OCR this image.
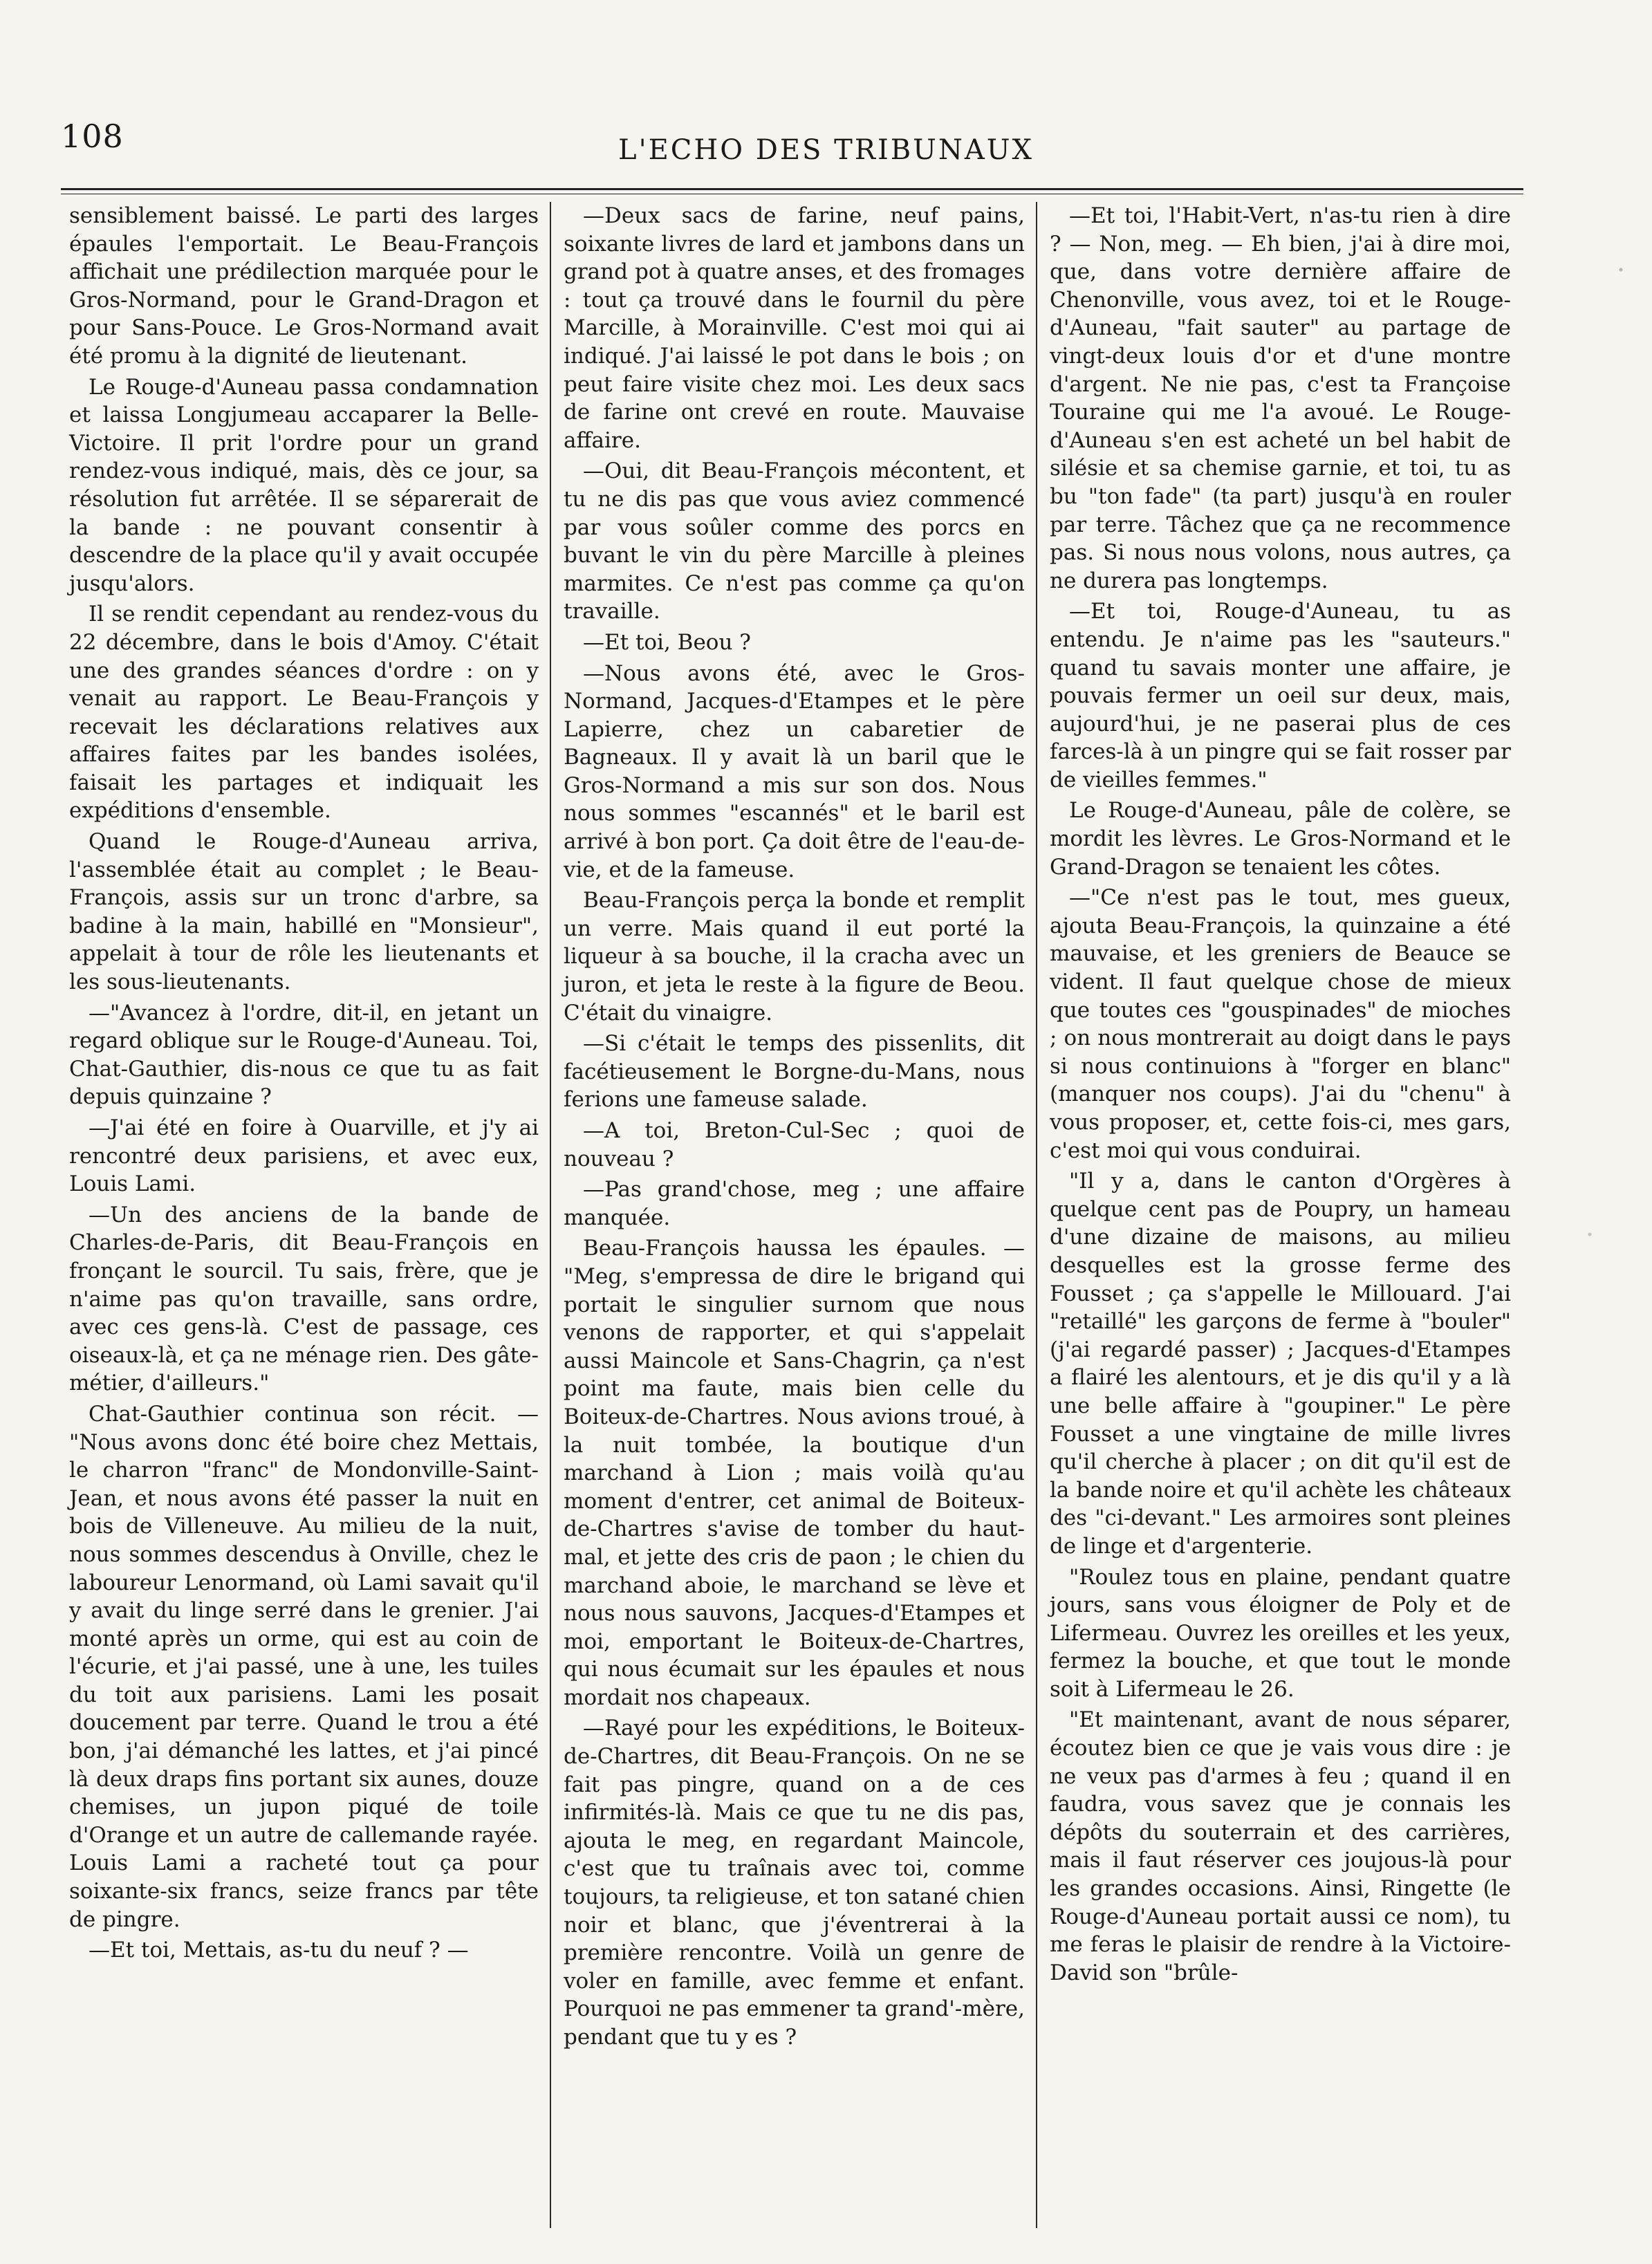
108	L'ECHO DES TRIBUNAUX

sensiblement baissé. Le parti des larges épaules l'emportait. Le Beau-François affichait une prédilection marquée pour le Gros-Normand, pour le Grand-Dragon et pour Sans-Pouce. Le Gros-Normand avait été promu à la dignité de lieutenant.

Le Rouge-d'Auneau passa condamnation et laissa Longjumeau accaparer la Belle-Victoire. Il prit l'ordre pour un grand rendez-vous indiqué, mais, dès ce jour, sa résolution fut arrêtée. Il se séparerait de la bande : ne pouvant consentir à descendre de la place qu'il y avait occupée jusqu'alors.

Il se rendit cependant au rendez-vous du 22 décembre, dans le bois d'Amoy. C'était une des grandes séances d'ordre : on y venait au rapport. Le Beau-François y recevait les déclarations relatives aux affaires faites par les bandes isolées, faisait les partages et indiquait les expéditions d'ensemble.

Quand le Rouge-d'Auneau arriva, l'assemblée était au complet ; le Beau-François, assis sur un tronc d'arbre, sa badine à la main, habillé en "Monsieur", appelait à tour de rôle les lieutenants et les sous-lieutenants.

—"Avancez à l'ordre, dit-il, en jetant un regard oblique sur le Rouge-d'Auneau. Toi, Chat-Gauthier, dis-nous ce que tu as fait depuis quinzaine ?

—J'ai été en foire à Ouarville, et j'y ai rencontré deux parisiens, et avec eux, Louis Lami.

—Un des anciens de la bande de Charles-de-Paris, dit Beau-François en fronçant le sourcil. Tu sais, frère, que je n'aime pas qu'on travaille, sans ordre, avec ces gens-là. C'est de passage, ces oiseaux-là, et ça ne ménage rien. Des gâte-métier, d'ailleurs."

Chat-Gauthier continua son récit. — "Nous avons donc été boire chez Mettais, le charron "franc" de Mondonville-Saint-Jean, et nous avons été passer la nuit en bois de Villeneuve. Au milieu de la nuit, nous sommes descendus à Onville, chez le laboureur Lenormand, où Lami savait qu'il y avait du linge serré dans le grenier. J'ai monté après un orme, qui est au coin de l'écurie, et j'ai passé, une à une, les tuiles du toit aux parisiens. Lami les posait doucement par terre. Quand le trou a été bon, j'ai démanché les lattes, et j'ai pincé là deux draps fins portant six aunes, douze chemises, un jupon piqué de toile d'Orange et un autre de callemande rayée. Louis Lami a racheté tout ça pour soixante-six francs, seize francs par tête de pingre.

—Et toi, Mettais, as-tu du neuf ? —

—Deux sacs de farine, neuf pains, soixante livres de lard et jambons dans un grand pot à quatre anses, et des fromages : tout ça trouvé dans le fournil du père Marcille, à Morainville. C'est moi qui ai indiqué. J'ai laissé le pot dans le bois ; on peut faire visite chez moi. Les deux sacs de farine ont crevé en route. Mauvaise affaire.

—Oui, dit Beau-François mécontent, et tu ne dis pas que vous aviez commencé par vous soûler comme des porcs en buvant le vin du père Marcille à pleines marmites. Ce n'est pas comme ça qu'on travaille.

—Et toi, Beou ?

—Nous avons été, avec le Gros-Normand, Jacques-d'Etampes et le père Lapierre, chez un cabaretier de Bagneaux. Il y avait là un baril que le Gros-Normand a mis sur son dos. Nous nous sommes "escannés" et le baril est arrivé à bon port. Ça doit être de l'eau-de-vie, et de la fameuse.

Beau-François perça la bonde et remplit un verre. Mais quand il eut porté la liqueur à sa bouche, il la cracha avec un juron, et jeta le reste à la figure de Beou. C'était du vinaigre.

—Si c'était le temps des pissenlits, dit facétieusement le Borgne-du-Mans, nous ferions une fameuse salade.

—A toi, Breton-Cul-Sec ; quoi de nouveau ?

—Pas grand'chose, meg ; une affaire manquée.

Beau-François haussa les épaules. — "Meg, s'empressa de dire le brigand qui portait le singulier surnom que nous venons de rapporter, et qui s'appelait aussi Maincole et Sans-Chagrin, ça n'est point ma faute, mais bien celle du Boiteux-de-Chartres. Nous avions troué, à la nuit tombée, la boutique d'un marchand à Lion ; mais voilà qu'au moment d'entrer, cet animal de Boiteux-de-Chartres s'avise de tomber du haut-mal, et jette des cris de paon ; le chien du marchand aboie, le marchand se lève et nous nous sauvons, Jacques-d'Etampes et moi, emportant le Boiteux-de-Chartres, qui nous écumait sur les épaules et nous mordait nos chapeaux.

—Rayé pour les expéditions, le Boiteux-de-Chartres, dit Beau-François. On ne se fait pas pingre, quand on a de ces infirmités-là. Mais ce que tu ne dis pas, ajouta le meg, en regardant Maincole, c'est que tu traînais avec toi, comme toujours, ta religieuse, et ton satané chien noir et blanc, que j'éventrerai à la première rencontre. Voilà un genre de voler en famille, avec femme et enfant. Pourquoi ne pas emmener ta grand'-mère, pendant que tu y es ?

—Et toi, l'Habit-Vert, n'as-tu rien à dire ? — Non, meg. — Eh bien, j'ai à dire moi, que, dans votre dernière affaire de Chenonville, vous avez, toi et le Rouge-d'Auneau, "fait sauter" au partage de vingt-deux louis d'or et d'une montre d'argent. Ne nie pas, c'est ta Françoise Touraine qui me l'a avoué. Le Rouge-d'Auneau s'en est acheté un bel habit de silésie et sa chemise garnie, et toi, tu as bu "ton fade" (ta part) jusqu'à en rouler par terre. Tâchez que ça ne recommence pas. Si nous nous volons, nous autres, ça ne durera pas longtemps.

—Et toi, Rouge-d'Auneau, tu as entendu. Je n'aime pas les "sauteurs." quand tu savais monter une affaire, je pouvais fermer un oeil sur deux, mais, aujourd'hui, je ne paserai plus de ces farces-là à un pingre qui se fait rosser par de vieilles femmes."

Le Rouge-d'Auneau, pâle de colère, se mordit les lèvres. Le Gros-Normand et le Grand-Dragon se tenaient les côtes.

—"Ce n'est pas le tout, mes gueux, ajouta Beau-François, la quinzaine a été mauvaise, et les greniers de Beauce se vident. Il faut quelque chose de mieux que toutes ces "gouspinades" de mioches ; on nous montrerait au doigt dans le pays si nous continuions à "forger en blanc" (manquer nos coups). J'ai du "chenu" à vous proposer, et, cette fois-ci, mes gars, c'est moi qui vous conduirai.

"Il y a, dans le canton d'Orgères à quelque cent pas de Poupry, un hameau d'une dizaine de maisons, au milieu desquelles est la grosse ferme des Fousset ; ça s'appelle le Millouard. J'ai "retaillé" les garçons de ferme à "bouler" (j'ai regardé passer) ; Jacques-d'Etampes a flairé les alentours, et je dis qu'il y a là une belle affaire à "goupiner." Le père Fousset a une vingtaine de mille livres qu'il cherche à placer ; on dit qu'il est de la bande noire et qu'il achète les châteaux des "ci-devant." Les armoires sont pleines de linge et d'argenterie.

"Roulez tous en plaine, pendant quatre jours, sans vous éloigner de Poly et de Lifermeau. Ouvrez les oreilles et les yeux, fermez la bouche, et que tout le monde soit à Lifermeau le 26.

"Et maintenant, avant de nous séparer, écoutez bien ce que je vais vous dire : je ne veux pas d'armes à feu ; quand il en faudra, vous savez que je connais les dépôts du souterrain et des carrières, mais il faut réserver ces joujous-là pour les grandes occasions. Ainsi, Ringette (le Rouge-d'Auneau portait aussi ce nom), tu me feras le plaisir de rendre à la Victoire-David son "brûle-
